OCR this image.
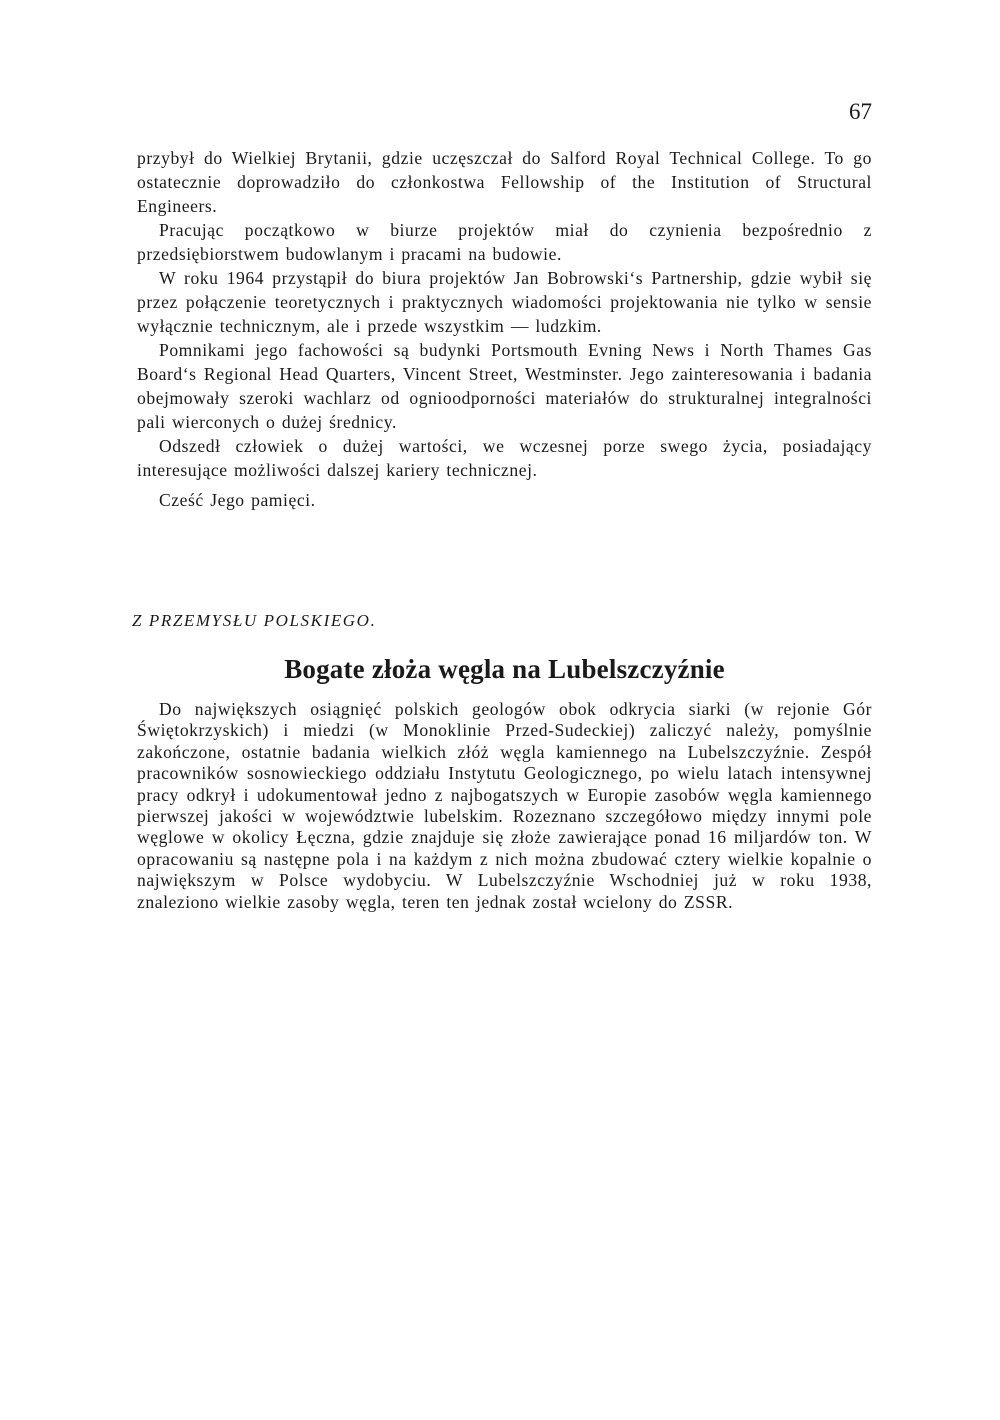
67

przybył do Wielkiej Brytanii, gdzie uczęszczał do Salford Royal Technical College. To go ostatecznie doprowadziło do członkostwa Fellowship of the Institution of Structural Engineers.

Pracując początkowo w biurze projektów miał do czynienia bezpośrednio z przedsiębiorstwem budowlanym i pracami na budowie.

W roku 1964 przystąpił do biura projektów Jan Bobrowski‘s Partnership, gdzie wybił się przez połączenie teoretycznych i praktycznych wiadomości projektowania nie tylko w sensie wyłącznie technicznym, ale i przede wszystkim — ludzkim.

Pomnikami jego fachowości są budynki Portsmouth Evning News i North Thames Gas Board‘s Regional Head Quarters, Vincent Street, Westminster. Jego zainteresowania i badania obejmowały szeroki wachlarz od ognioodporności materiałów do strukturalnej integralności pali wierconych o dużej średnicy.

Odszedł człowiek o dużej wartości, we wczesnej porze swego życia, posiadający interesujące możliwości dalszej kariery technicznej.

Cześć Jego pamięci.

Z PRZEMYSŁU POLSKIEGO.
Bogate złoża węgla na Lubelszczyźnie

Do największych osiągnięć polskich geologów obok odkrycia siarki (w rejonie Gór Świętokrzyskich) i miedzi (w Monoklinie Przed-Sudeckiej) zaliczyć należy, pomyślnie zakończone, ostatnie badania wielkich złóż węgla kamiennego na Lubelszczyźnie. Zespół pracowników sosnowieckiego oddziału Instytutu Geologicznego, po wielu latach intensywnej pracy odkrył i udokumentował jedno z najbogatszych w Europie zasobów węgla kamiennego pierwszej jakości w województwie lubelskim. Rozeznano szczegółowo między innymi pole węglowe w okolicy Łęczna, gdzie znajduje się złoże zawierające ponad 16 miljardów ton. W opracowaniu są następne pola i na każdym z nich można zbudować cztery wielkie kopalnie o największym w Polsce wydobyciu. W Lubelszczyźnie Wschodniej już w roku 1938, znaleziono wielkie zasoby węgla, teren ten jednak został wcielony do ZSSR.
